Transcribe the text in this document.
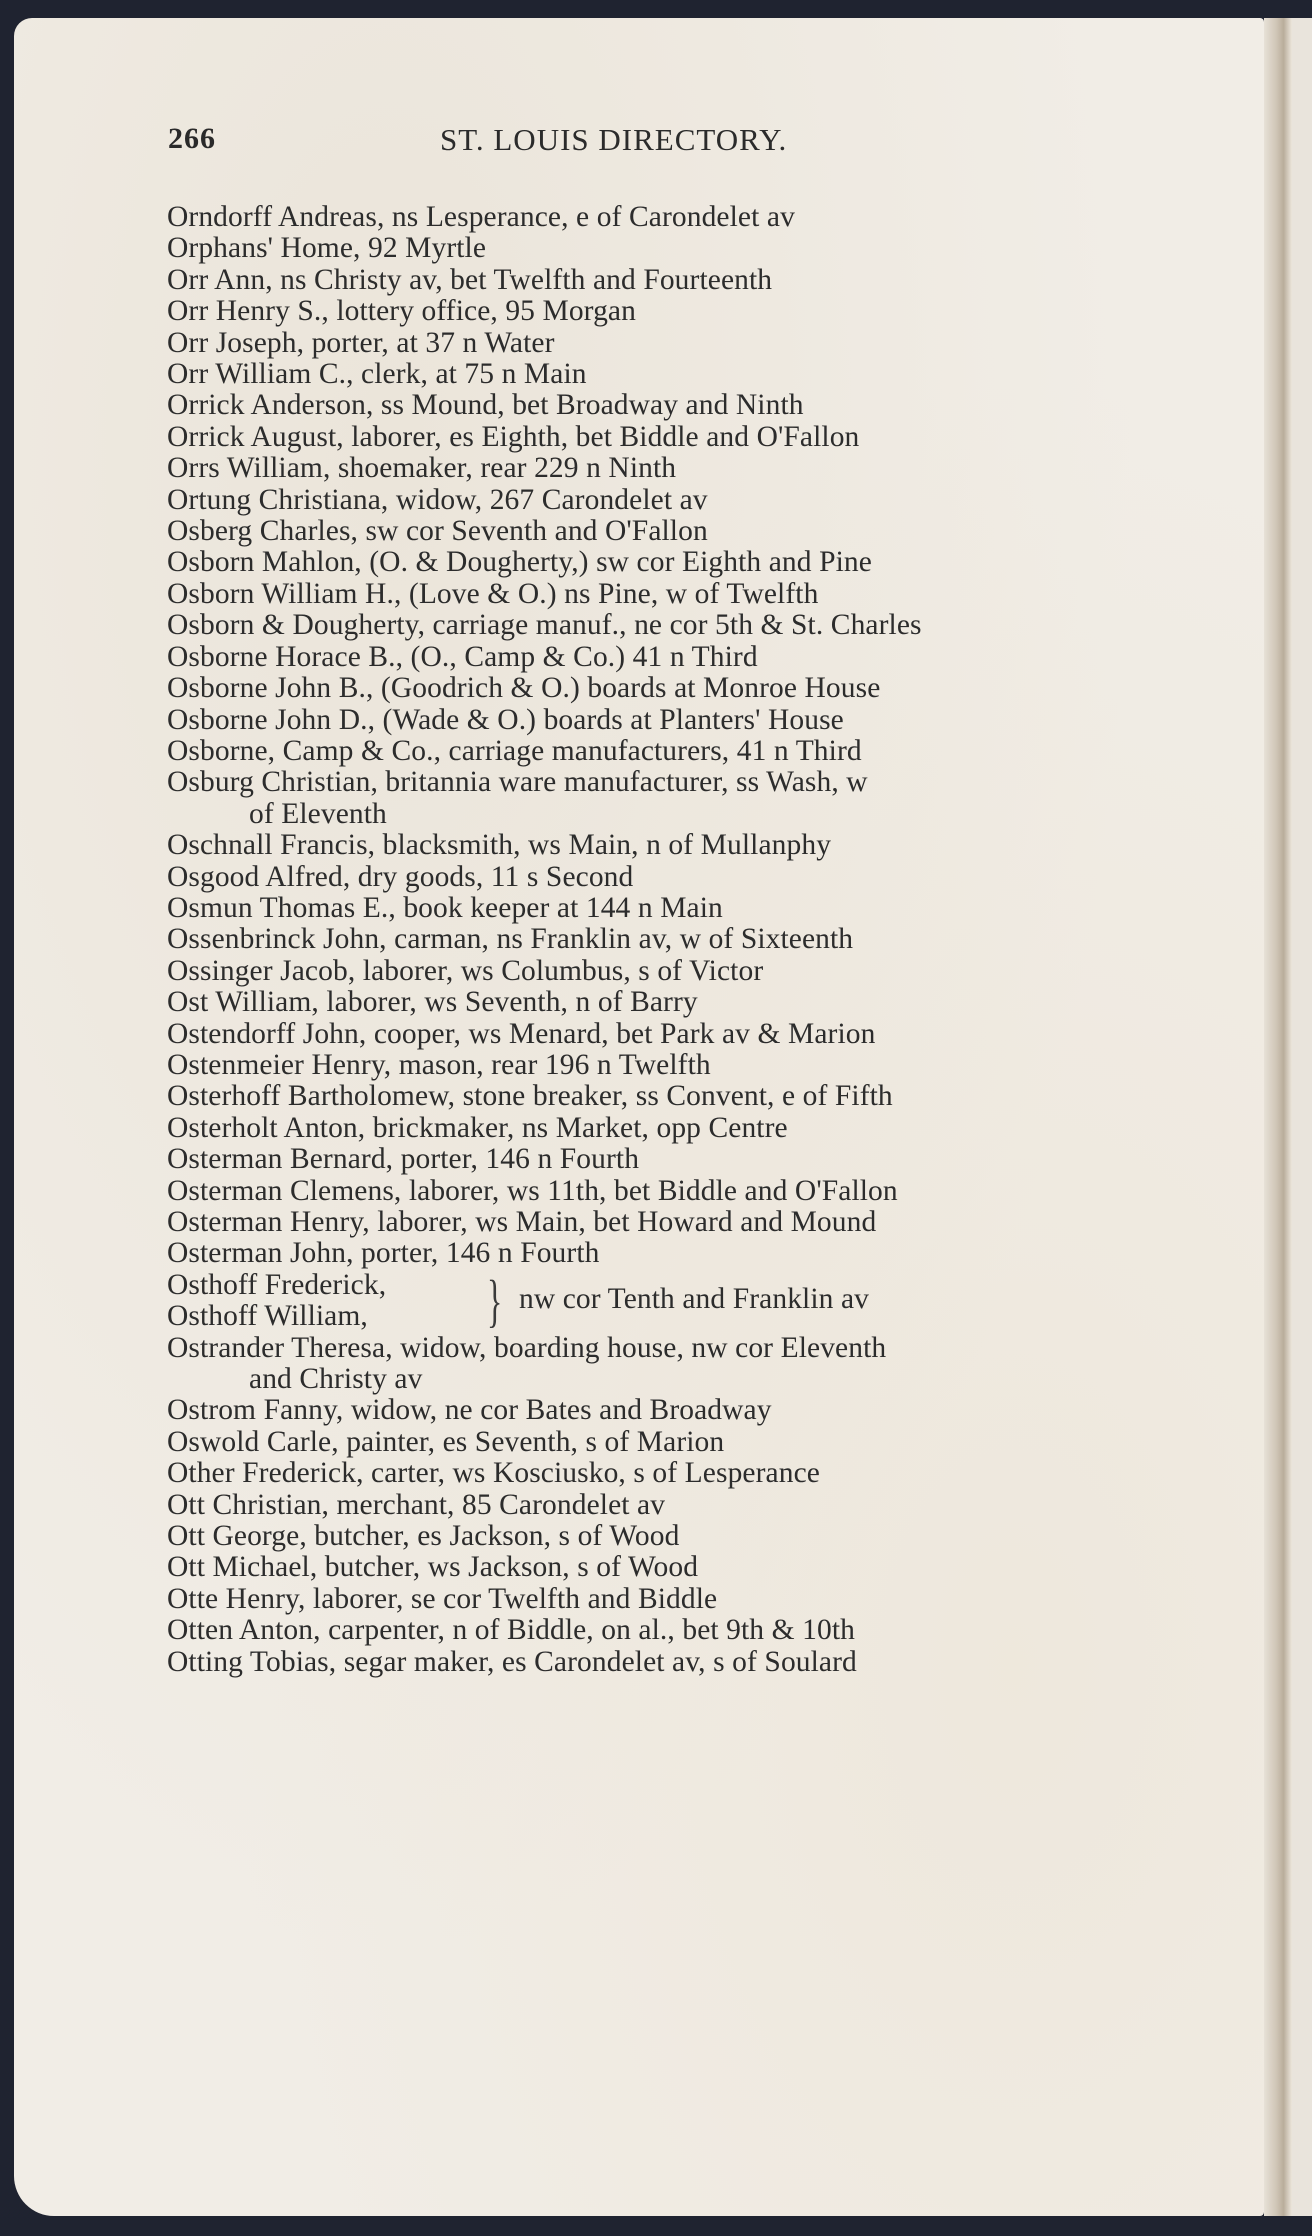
266	ST. LOUIS DIRECTORY.
Orndorff Andreas, ns Lesperance, e of Carondelet av
Orphans' Home, 92 Myrtle
Orr Ann, ns Christy av, bet Twelfth and Fourteenth
Orr Henry S., lottery office, 95 Morgan
Orr Joseph, porter, at 37 n Water
Orr William C., clerk, at 75 n Main
Orrick Anderson, ss Mound, bet Broadway and Ninth
Orrick August, laborer, es Eighth, bet Biddle and O'Fallon
Orrs William, shoemaker, rear 229 n Ninth
Ortung Christiana, widow, 267 Carondelet av
Osberg Charles, sw cor Seventh and O'Fallon
Osborn Mahlon, (O. & Dougherty,) sw cor Eighth and Pine
Osborn William H., (Love & O.) ns Pine, w of Twelfth
Osborn & Dougherty, carriage manuf., ne cor 5th & St. Charles
Osborne Horace B., (O., Camp & Co.) 41 n Third
Osborne John B., (Goodrich & O.) boards at Monroe House
Osborne John D., (Wade & O.) boards at Planters' House
Osborne, Camp & Co., carriage manufacturers, 41 n Third
Osburg Christian, britannia ware manufacturer, ss Wash, w
of Eleventh
Oschnall Francis, blacksmith, ws Main, n of Mullanphy
Osgood Alfred, dry goods, 11 s Second
Osmun Thomas E., book keeper at 144 n Main
Ossenbrinck John, carman, ns Franklin av, w of Sixteenth
Ossinger Jacob, laborer, ws Columbus, s of Victor
Ost William, laborer, ws Seventh, n of Barry
Ostendorff John, cooper, ws Menard, bet Park av & Marion
Ostenmeier Henry, mason, rear 196 n Twelfth
Osterhoff Bartholomew, stone breaker, ss Convent, e of Fifth
Osterholt Anton, brickmaker, ns Market, opp Centre
Osterman Bernard, porter, 146 n Fourth
Osterman Clemens, laborer, ws 11th, bet Biddle and O'Fallon
Osterman Henry, laborer, ws Main, bet Howard and Mound
Osterman John, porter, 146 n Fourth
Osthoff Frederick,
Osthoff William, } nw cor Tenth and Franklin av
Ostrander Theresa, widow, boarding house, nw cor Eleventh
and Christy av
Ostrom Fanny, widow, ne cor Bates and Broadway
Oswold Carle, painter, es Seventh, s of Marion
Other Frederick, carter, ws Kosciusko, s of Lesperance
Ott Christian, merchant, 85 Carondelet av
Ott George, butcher, es Jackson, s of Wood
Ott Michael, butcher, ws Jackson, s of Wood
Otte Henry, laborer, se cor Twelfth and Biddle
Otten Anton, carpenter, n of Biddle, on al., bet 9th & 10th
Otting Tobias, segar maker, es Carondelet av, s of Soulard
